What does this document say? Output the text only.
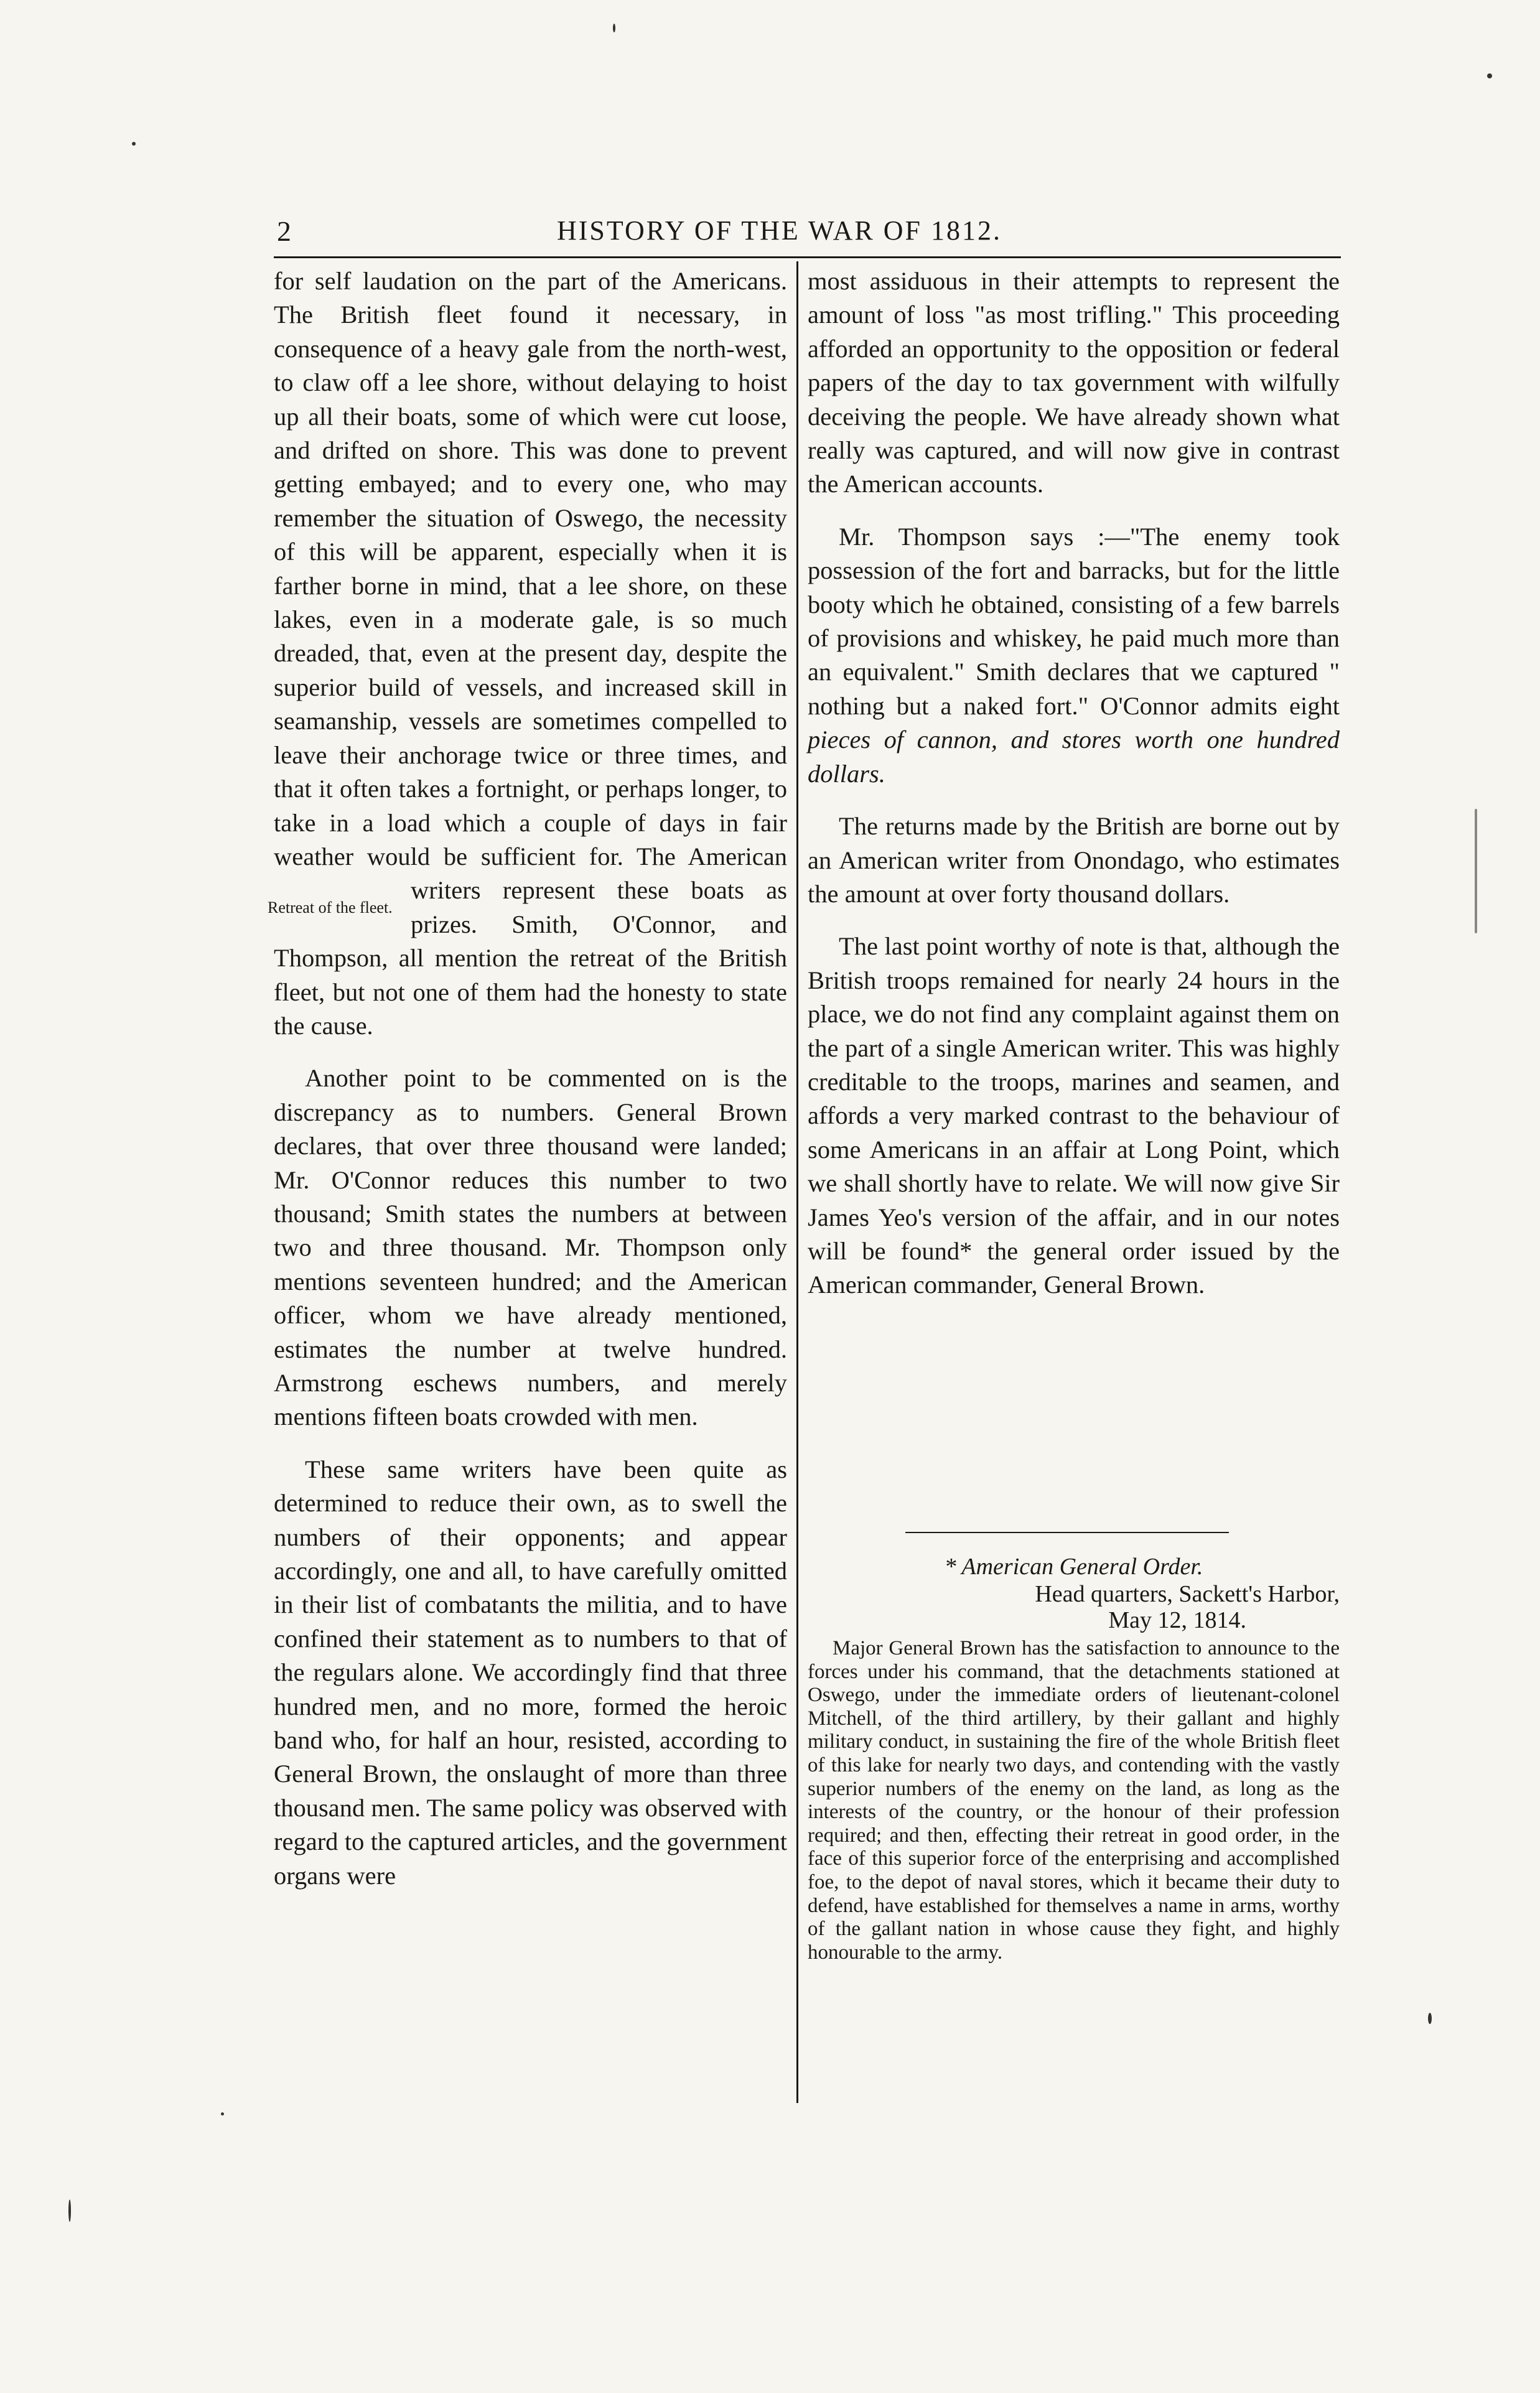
2	HISTORY OF THE WAR OF 1812.

for self laudation on the part of the Americans. The British fleet found it necessary, in consequence of a heavy gale from the north-west, to claw off a lee shore, without delaying to hoist up all their boats, some of which were cut loose, and drifted on shore. This was done to prevent getting embayed; and to every one, who may remember the situation of Oswego, the necessity of this will be apparent, especially when it is farther borne in mind, that a lee shore, on these lakes, even in a moderate gale, is so much dreaded, that, even at the present day, despite the superior build of vessels, and increased skill in seamanship, vessels are sometimes compelled to leave their anchorage twice or three times, and that it often takes a fortnight, or perhaps longer, to take in a load which a couple of days in fair weather would be sufficient for. The American
Retreat of the fleet.
writers represent these boats as prizes. Smith, O'Connor, and Thompson, all mention the retreat of the British fleet, but not one of them had the honesty to state the cause.

Another point to be commented on is the discrepancy as to numbers. General Brown declares, that over three thousand were landed; Mr. O'Connor reduces this number to two thousand; Smith states the numbers at between two and three thousand. Mr. Thompson only mentions seventeen hundred; and the American officer, whom we have already mentioned, estimates the number at twelve hundred. Armstrong eschews numbers, and merely mentions fifteen boats crowded with men.

These same writers have been quite as determined to reduce their own, as to swell the numbers of their opponents; and appear accordingly, one and all, to have carefully omitted in their list of combatants the militia, and to have confined their statement as to numbers to that of the regulars alone. We accordingly find that three hundred men, and no more, formed the heroic band who, for half an hour, resisted, according to General Brown, the onslaught of more than three thousand men. The same policy was observed with regard to the captured articles, and the government organs were

most assiduous in their attempts to represent the amount of loss "as most trifling." This proceeding afforded an opportunity to the opposition or federal papers of the day to tax government with wilfully deceiving the people. We have already shown what really was captured, and will now give in contrast the American accounts.

Mr. Thompson says :—"The enemy took possession of the fort and barracks, but for the little booty which he obtained, consisting of a few barrels of provisions and whiskey, he paid much more than an equivalent." Smith declares that we captured " nothing but a naked fort." O'Connor admits eight pieces of cannon, and stores worth one hundred dollars.

The returns made by the British are borne out by an American writer from Onondago, who estimates the amount at over forty thousand dollars.

The last point worthy of note is that, although the British troops remained for nearly 24 hours in the place, we do not find any complaint against them on the part of a single American writer. This was highly creditable to the troops, marines and seamen, and affords a very marked contrast to the behaviour of some Americans in an affair at Long Point, which we shall shortly have to relate. We will now give Sir James Yeo's version of the affair, and in our notes will be found* the general order issued by the American commander, General Brown.

* American General Order.

Head quarters, Sackett's Harbor,

May 12, 1814.

Major General Brown has the satisfaction to announce to the forces under his command, that the detachments stationed at Oswego, under the immediate orders of lieutenant-colonel Mitchell, of the third artillery, by their gallant and highly military conduct, in sustaining the fire of the whole British fleet of this lake for nearly two days, and contending with the vastly superior numbers of the enemy on the land, as long as the interests of the country, or the honour of their profession required; and then, effecting their retreat in good order, in the face of this superior force of the enterprising and accomplished foe, to the depot of naval stores, which it became their duty to defend, have established for themselves a name in arms, worthy of the gallant nation in whose cause they fight, and highly honourable to the army.
